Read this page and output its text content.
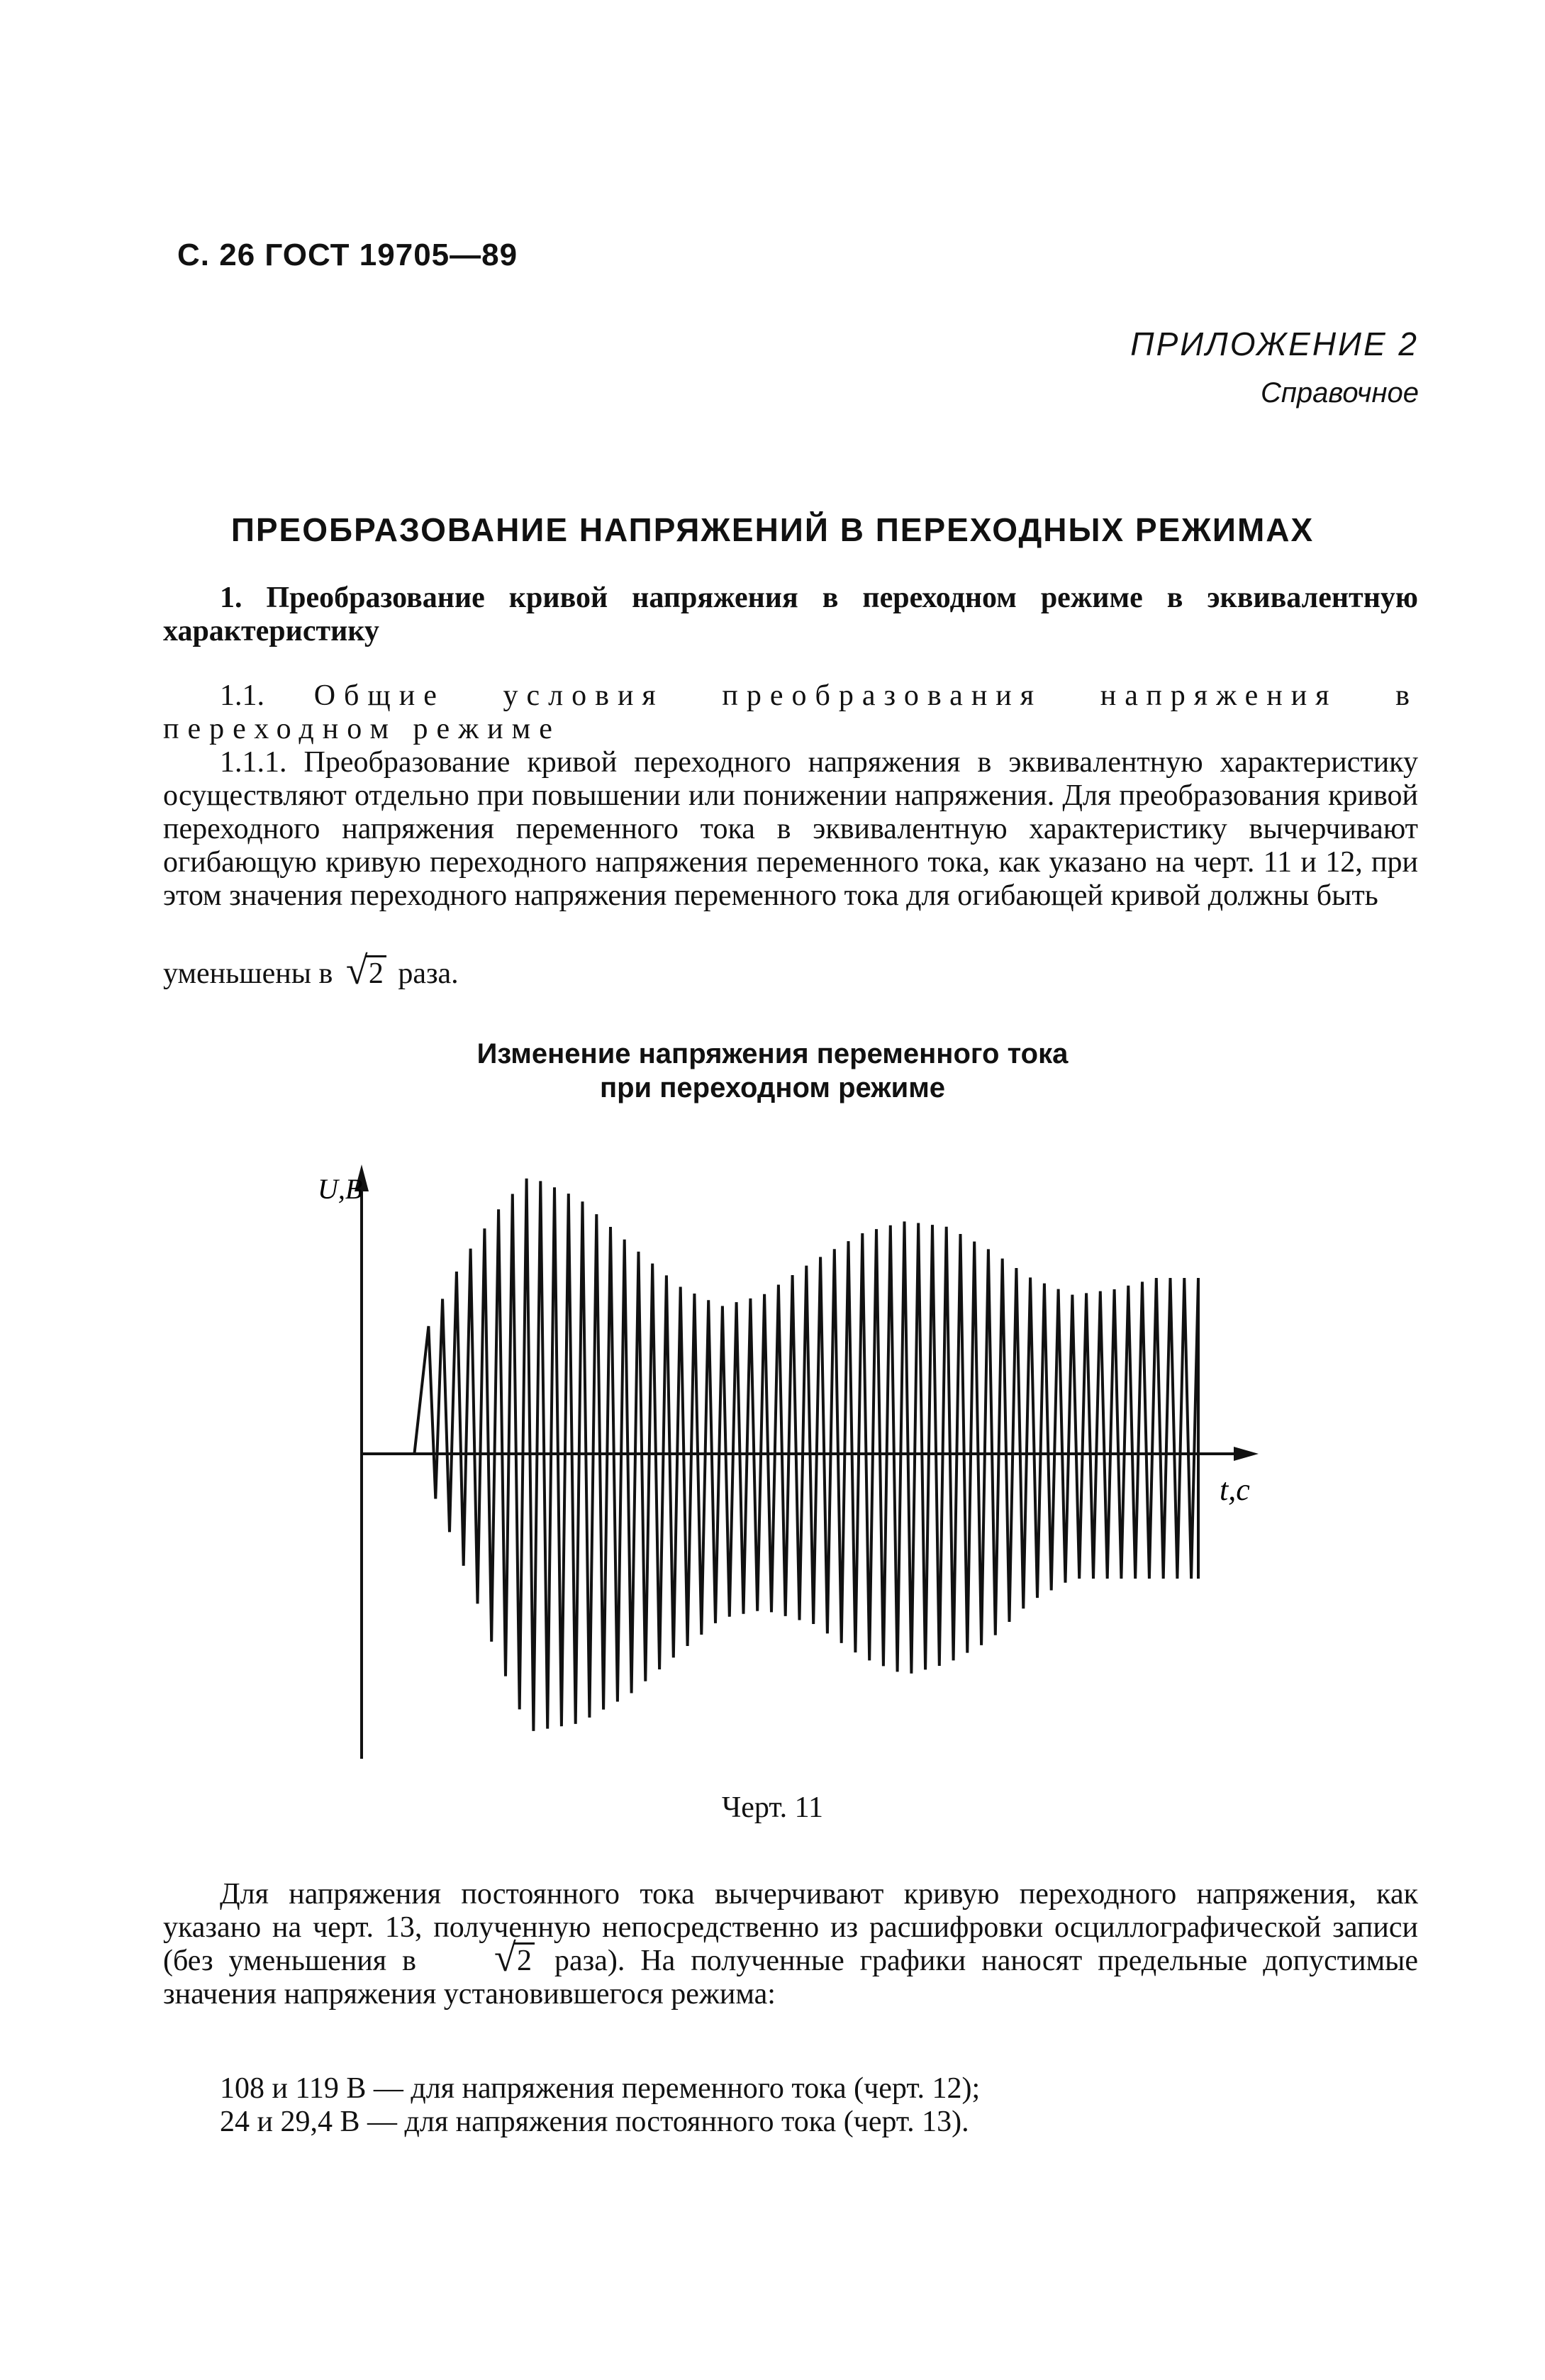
С. 26 ГОСТ 19705—89
ПРИЛОЖЕНИЕ 2
Справочное
ПРЕОБРАЗОВАНИЕ НАПРЯЖЕНИЙ В ПЕРЕХОДНЫХ РЕЖИМАХ
1. Преобразование кривой напряжения в переходном режиме в эквивалентную характеристику
1.1. Общие условия преобразования напряжения в переходном режиме
1.1.1. Преобразование кривой переходного напряжения в эквивалентную характеристику осуществляют отдельно при повышении или понижении напряжения. Для преобразования кривой переходного напряжения переменного тока в эквивалентную характеристику вычерчивают огибающую кривую переходного напряжения переменного тока, как указано на черт. 11 и 12, при этом значения переходного напряжения переменного тока для огибающей кривой должны быть
уменьшены в √ 2 раза.
Изменение напряжения переменного тока
при переходном режиме
U,B
t,c
Черт. 11
Для напряжения постоянного тока вычерчивают кривую переходного напряжения, как указано на черт. 13, полученную непосредственно из расшифровки осциллографической записи (без уменьшения в	√ 2 раза). На полученные графики наносят предельные допустимые значения напряжения установившегося режима:
108 и 119 В — для напряжения переменного тока (черт. 12);
24 и 29,4 В — для напряжения постоянного тока (черт. 13).
